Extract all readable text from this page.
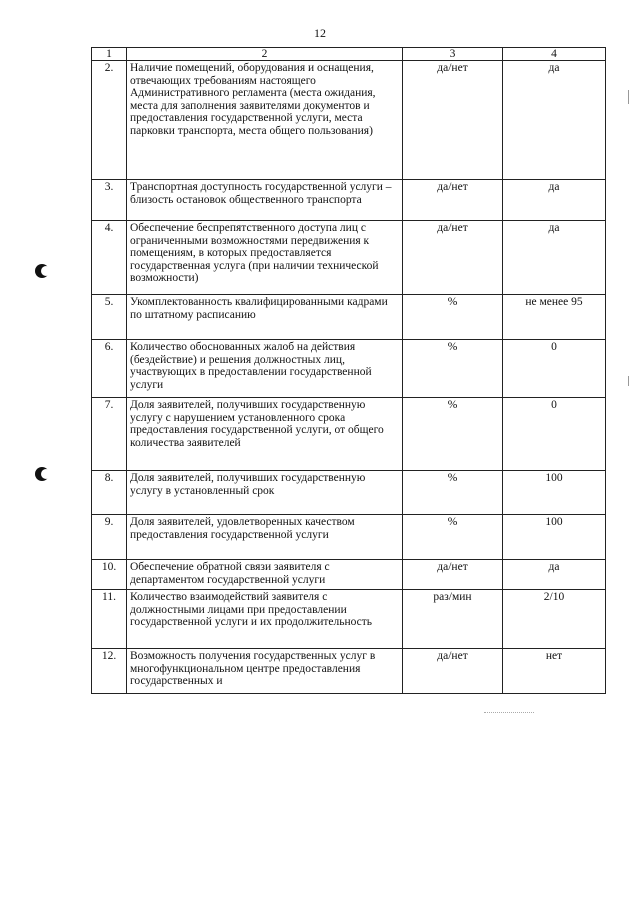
12
1	2	3	4
2.	Наличие помещений, оборудования и оснащения, отвечающих требованиям настоящего Административного регламента (места ожидания, места для заполнения заявителями документов и предоставления государственной услуги, места парковки транспорта, места общего пользования)	да/нет	да
3.	Транспортная доступность государственной услуги – близость остановок общественного транспорта	да/нет	да
4.	Обеспечение беспрепятственного доступа лиц с ограниченными возможностями передвижения к помещениям, в которых предоставляется государственная услуга (при наличии технической возможности)	да/нет	да
5.	Укомплектованность квалифицированными кадрами по штатному расписанию	%	не менее 95
6.	Количество обоснованных жалоб на действия (бездействие) и решения должностных лиц, участвующих в предоставлении государственной услуги	%	0
7.	Доля заявителей, получивших государственную услугу с нарушением установленного срока предоставления государственной услуги, от общего количества заявителей	%	0
8.	Доля заявителей, получивших государственную услугу в установленный срок	%	100
9.	Доля заявителей, удовлетворенных качеством предоставления государственной услуги	%	100
10.	Обеспечение обратной связи заявителя с департаментом государственной услуги	да/нет	да
11.	Количество взаимодействий заявителя с должностными лицами при предоставлении государственной услуги и их продолжительность	раз/мин	2/10
12.	Возможность получения государственных услуг в многофункциональном центре предоставления государственных и	да/нет	нет
